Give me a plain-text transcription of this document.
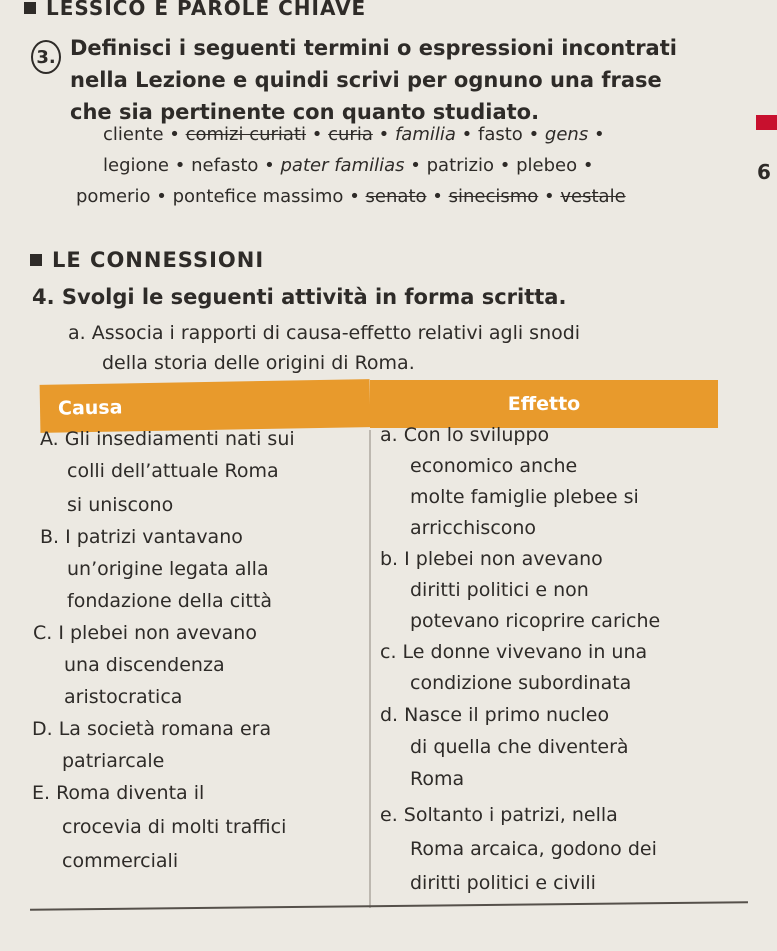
LESSICO E PAROLE CHIAVE
3. Definisci i seguenti termini o espressioni incontrati
nella Lezione e quindi scrivi per ognuno una frase
che sia pertinente con quanto studiato.
cliente • comizi curiati • curia • familia • fasto • gens •
legione • nefasto • pater familias • patrizio • plebeo •
pomerio • pontefice massimo • senato • sinecismo • vestale
6
LE CONNESSIONI
4. Svolgi le seguenti attività in forma scritta.
a. Associa i rapporti di causa-effetto relativi agli snodi
della storia delle origini di Roma.
Causa	Effetto
A. Gli insediamenti nati sui
colli dell’attuale Roma
si uniscono
B. I patrizi vantavano
un’origine legata alla
fondazione della città
C. I plebei non avevano
una discendenza
aristocratica
D. La società romana era
patriarcale
E. Roma diventa il
crocevia di molti traffici
commerciali
a. Con lo sviluppo
economico anche
molte famiglie plebee si
arricchiscono
b. I plebei non avevano
diritti politici e non
potevano ricoprire cariche
c. Le donne vivevano in una
condizione subordinata
d. Nasce il primo nucleo
di quella che diventerà
Roma
e. Soltanto i patrizi, nella
Roma arcaica, godono dei
diritti politici e civili
